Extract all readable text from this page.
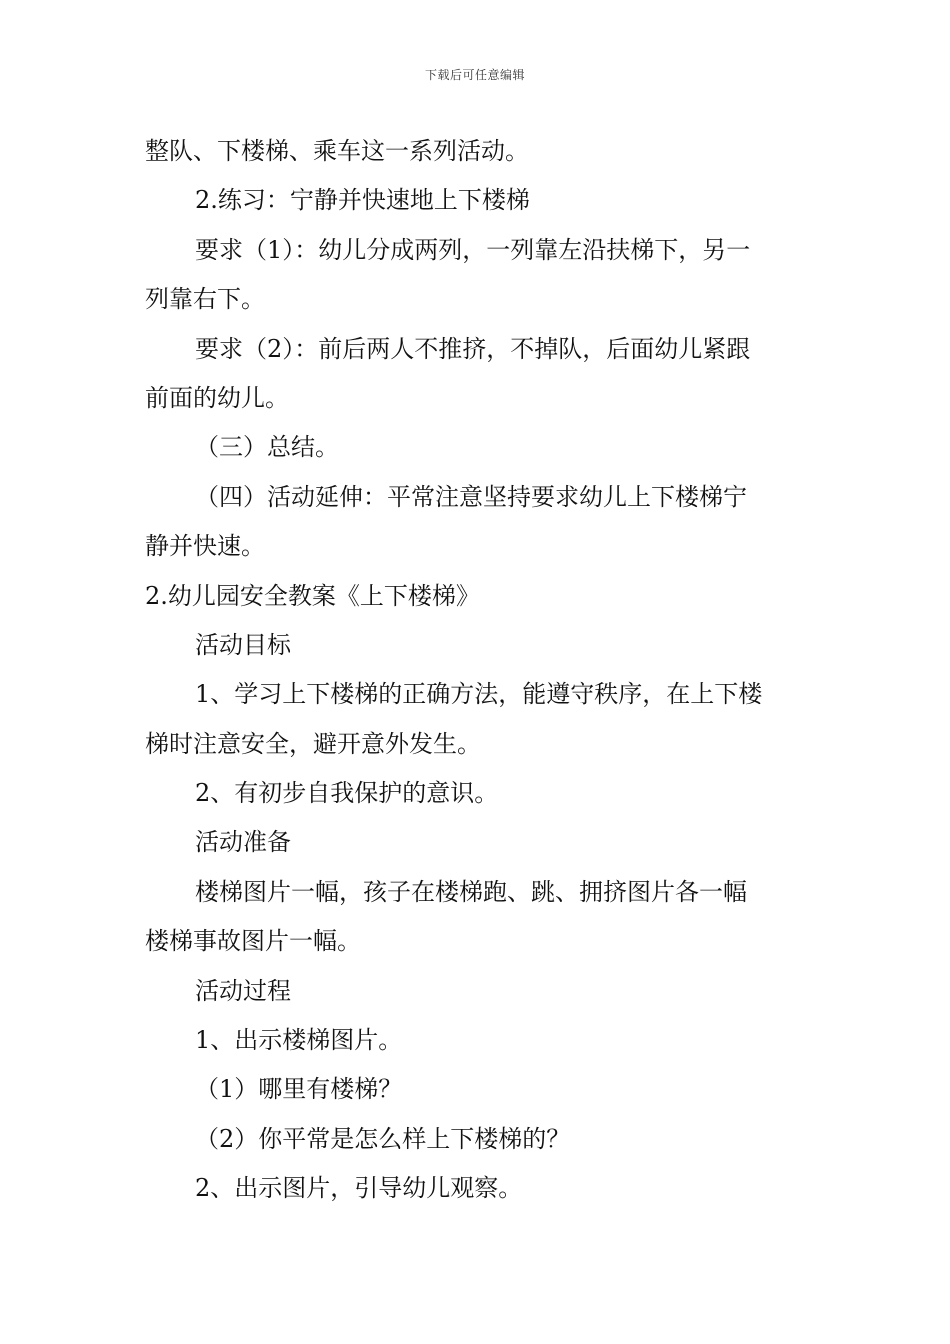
下载后可任意编辑
整队、下楼梯、乘车这一系列活动。
2.练习：宁静并快速地上下楼梯
要求（1）：幼儿分成两列，一列靠左沿扶梯下，另一
列靠右下。
要求（2）：前后两人不推挤，不掉队，后面幼儿紧跟
前面的幼儿。
（三）总结。
（四）活动延伸：平常注意坚持要求幼儿上下楼梯宁
静并快速。
2.幼儿园安全教案《上下楼梯》
活动目标
1、学习上下楼梯的正确方法，能遵守秩序，在上下楼
梯时注意安全，避开意外发生。
2、有初步自我保护的意识。
活动准备
楼梯图片一幅，孩子在楼梯跑、跳、拥挤图片各一幅
楼梯事故图片一幅。
活动过程
1、出示楼梯图片。
（1）哪里有楼梯？
（2）你平常是怎么样上下楼梯的？
2、出示图片，引导幼儿观察。
